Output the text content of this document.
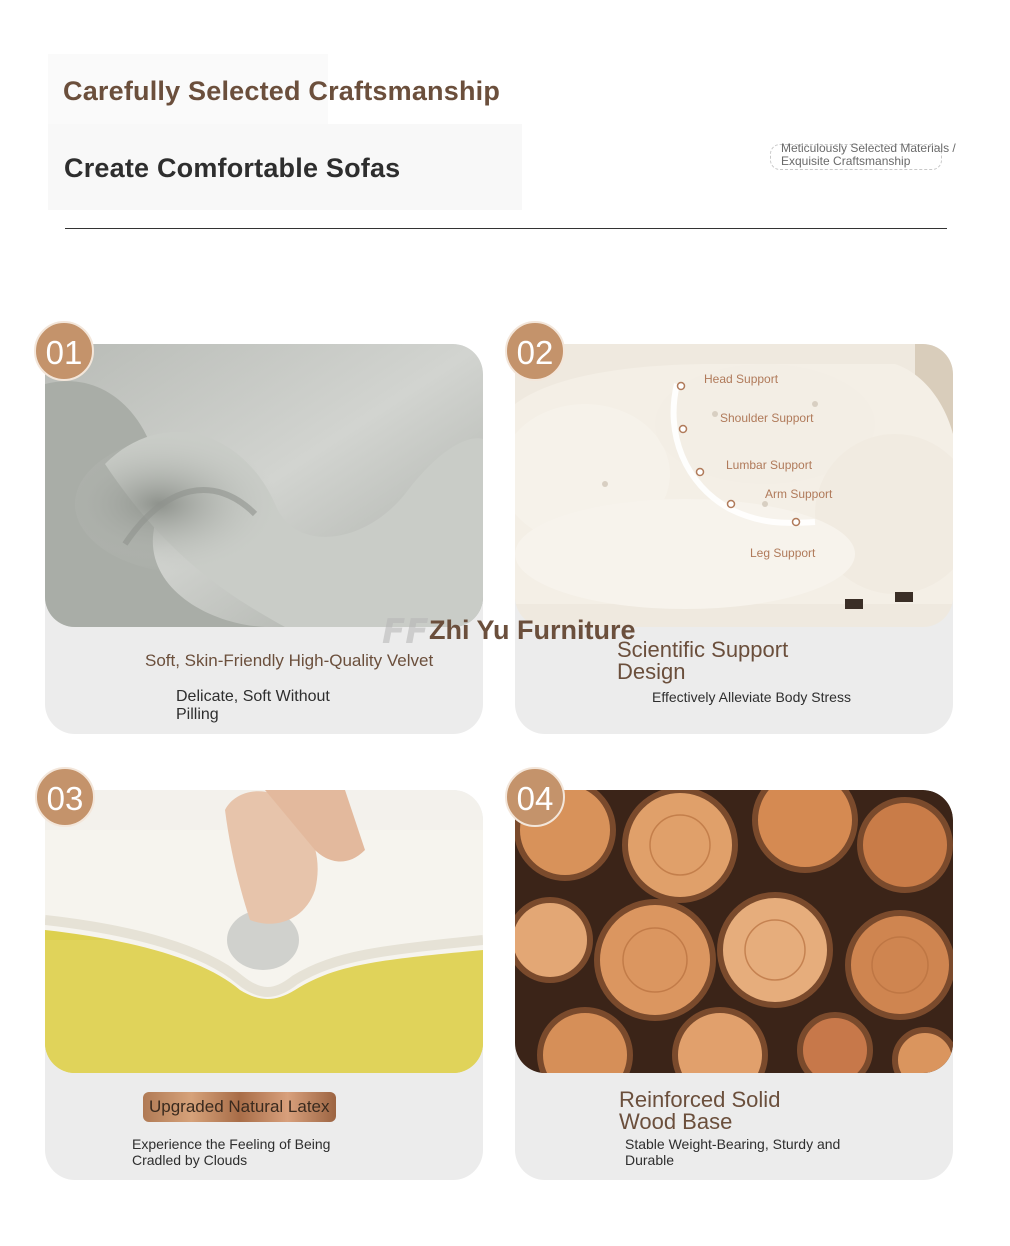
Carefully Selected Craftsmanship
Create Comfortable Sofas
Meticulously Selected Materials /
Exquisite Craftsmanship
01
Soft, Skin-Friendly High-Quality Velvet
Delicate, Soft Without Pilling
Head Support
Shoulder Support
Lumbar Support
Arm Support
Leg Support
02
Scientific Support Design
Effectively Alleviate Body Stress
03
Upgraded Natural Latex
Experience the Feeling of Being Cradled by Clouds
04
Reinforced Solid Wood Base
Stable Weight-Bearing, Sturdy and Durable
FF Zhi Yu Furniture
